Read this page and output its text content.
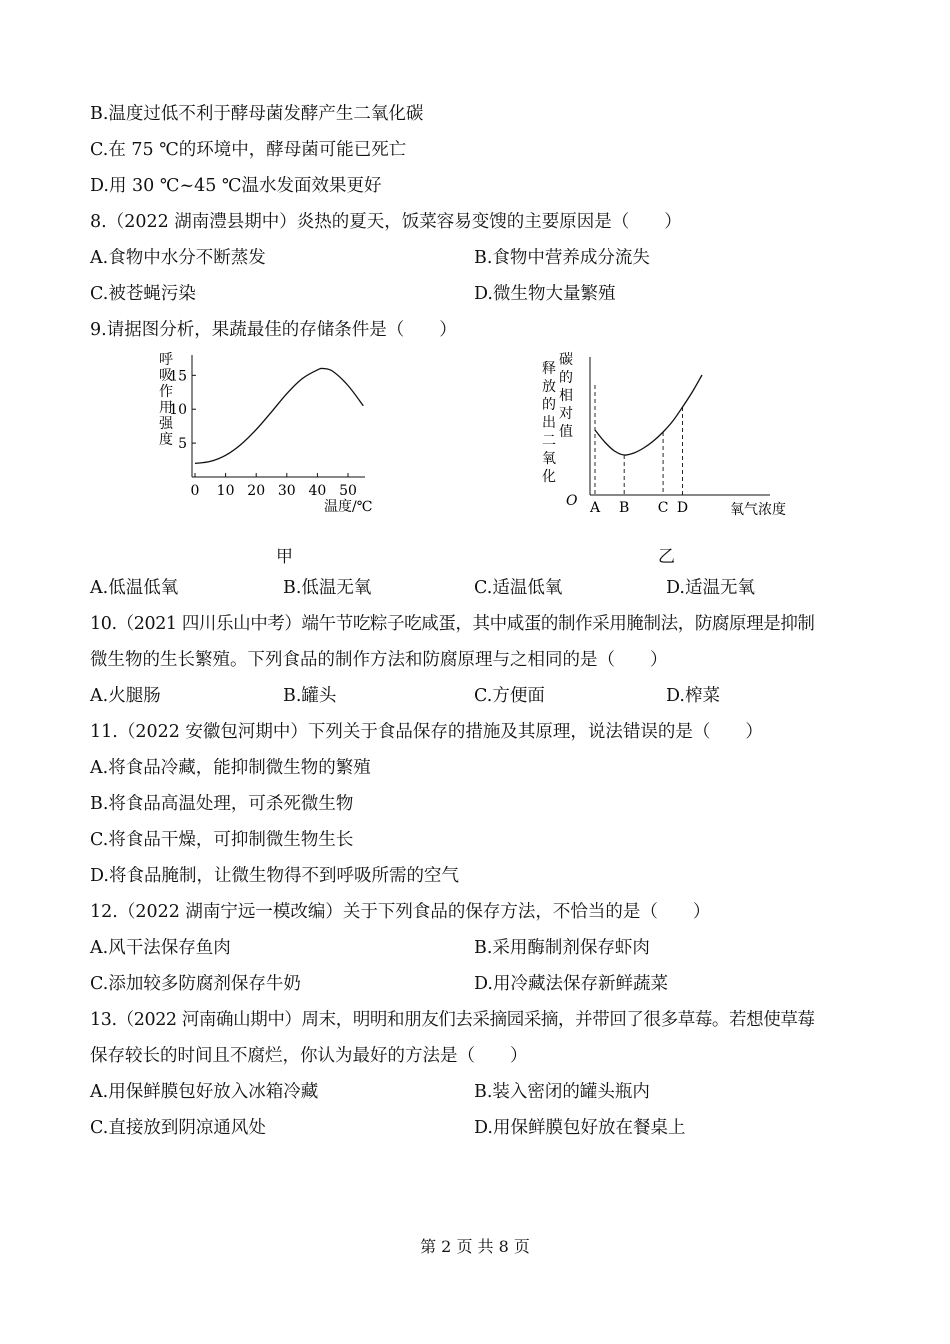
B.温度过低不利于酵母菌发酵产生二氧化碳
C.在 75 ℃的环境中，酵母菌可能已死亡
D.用 30 ℃~45 ℃温水发面效果更好
8.（2022 湖南澧县期中）炎热的夏天，饭菜容易变馊的主要原因是（　　）
A.食物中水分不断蒸发	B.食物中营养成分流失
C.被苍蝇污染	D.微生物大量繁殖
9.请据图分析，果蔬最佳的存储条件是（　　）
呼
吸
作
用
强
度 5
10
15
0 10 20 30 40 50
温度/℃
释
放
的
出
二
氧
化
碳
的
相
对
值
O A B C D	氧气浓度
甲	乙
A.低温低氧	B.低温无氧	C.适温低氧	D.适温无氧
10.（2021 四川乐山中考）端午节吃粽子吃咸蛋，其中咸蛋的制作采用腌制法，防腐原理是抑制
微生物的生长繁殖。下列食品的制作方法和防腐原理与之相同的是（　　）
A.火腿肠	B.罐头	C.方便面	D.榨菜
11.（2022 安徽包河期中）下列关于食品保存的措施及其原理，说法错误的是（　　）
A.将食品冷藏，能抑制微生物的繁殖
B.将食品高温处理，可杀死微生物
C.将食品干燥，可抑制微生物生长
D.将食品腌制，让微生物得不到呼吸所需的空气
12.（2022 湖南宁远一模改编）关于下列食品的保存方法，不恰当的是（　　）
A.风干法保存鱼肉	B.采用酶制剂保存虾肉
C.添加较多防腐剂保存牛奶	D.用冷藏法保存新鲜蔬菜
13.（2022 河南确山期中）周末，明明和朋友们去采摘园采摘，并带回了很多草莓。若想使草莓
保存较长的时间且不腐烂，你认为最好的方法是（　　）
A.用保鲜膜包好放入冰箱冷藏	B.装入密闭的罐头瓶内
C.直接放到阴凉通风处	D.用保鲜膜包好放在餐桌上
第 2 页 共 8 页
